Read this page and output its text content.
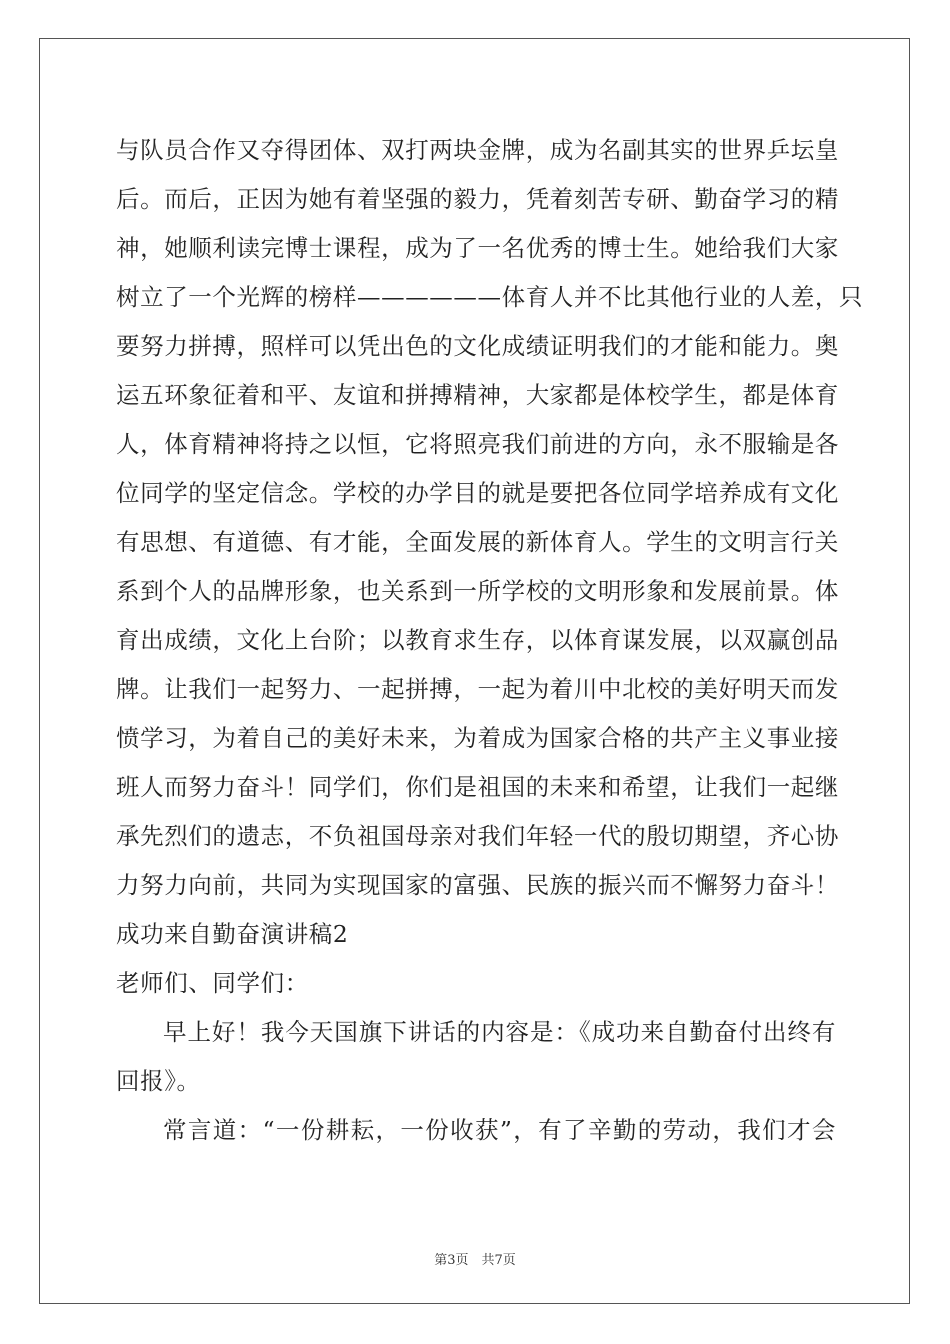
与队员合作又夺得团体、双打两块金牌，成为名副其实的世界乒坛皇
后。而后，正因为她有着坚强的毅力，凭着刻苦专研、勤奋学习的精
神，她顺利读完博士课程，成为了一名优秀的博士生。她给我们大家
树立了一个光辉的榜样——————体育人并不比其他行业的人差，只
要努力拼搏，照样可以凭出色的文化成绩证明我们的才能和能力。奥
运五环象征着和平、友谊和拼搏精神，大家都是体校学生，都是体育
人，体育精神将持之以恒，它将照亮我们前进的方向，永不服输是各
位同学的坚定信念。学校的办学目的就是要把各位同学培养成有文化
有思想、有道德、有才能，全面发展的新体育人。学生的文明言行关
系到个人的品牌形象，也关系到一所学校的文明形象和发展前景。体
育出成绩，文化上台阶；以教育求生存，以体育谋发展，以双赢创品
牌。让我们一起努力、一起拼搏，一起为着川中北校的美好明天而发
愤学习，为着自己的美好未来，为着成为国家合格的共产主义事业接
班人而努力奋斗！同学们，你们是祖国的未来和希望，让我们一起继
承先烈们的遗志，不负祖国母亲对我们年轻一代的殷切期望，齐心协
力努力向前，共同为实现国家的富强、民族的振兴而不懈努力奋斗！
成功来自勤奋演讲稿2
老师们、同学们：
早上好！我今天国旗下讲话的内容是：《成功来自勤奋付出终有
回报》。
常言道：“一份耕耘，一份收获”，有了辛勤的劳动，我们才会
第3页　共7页
